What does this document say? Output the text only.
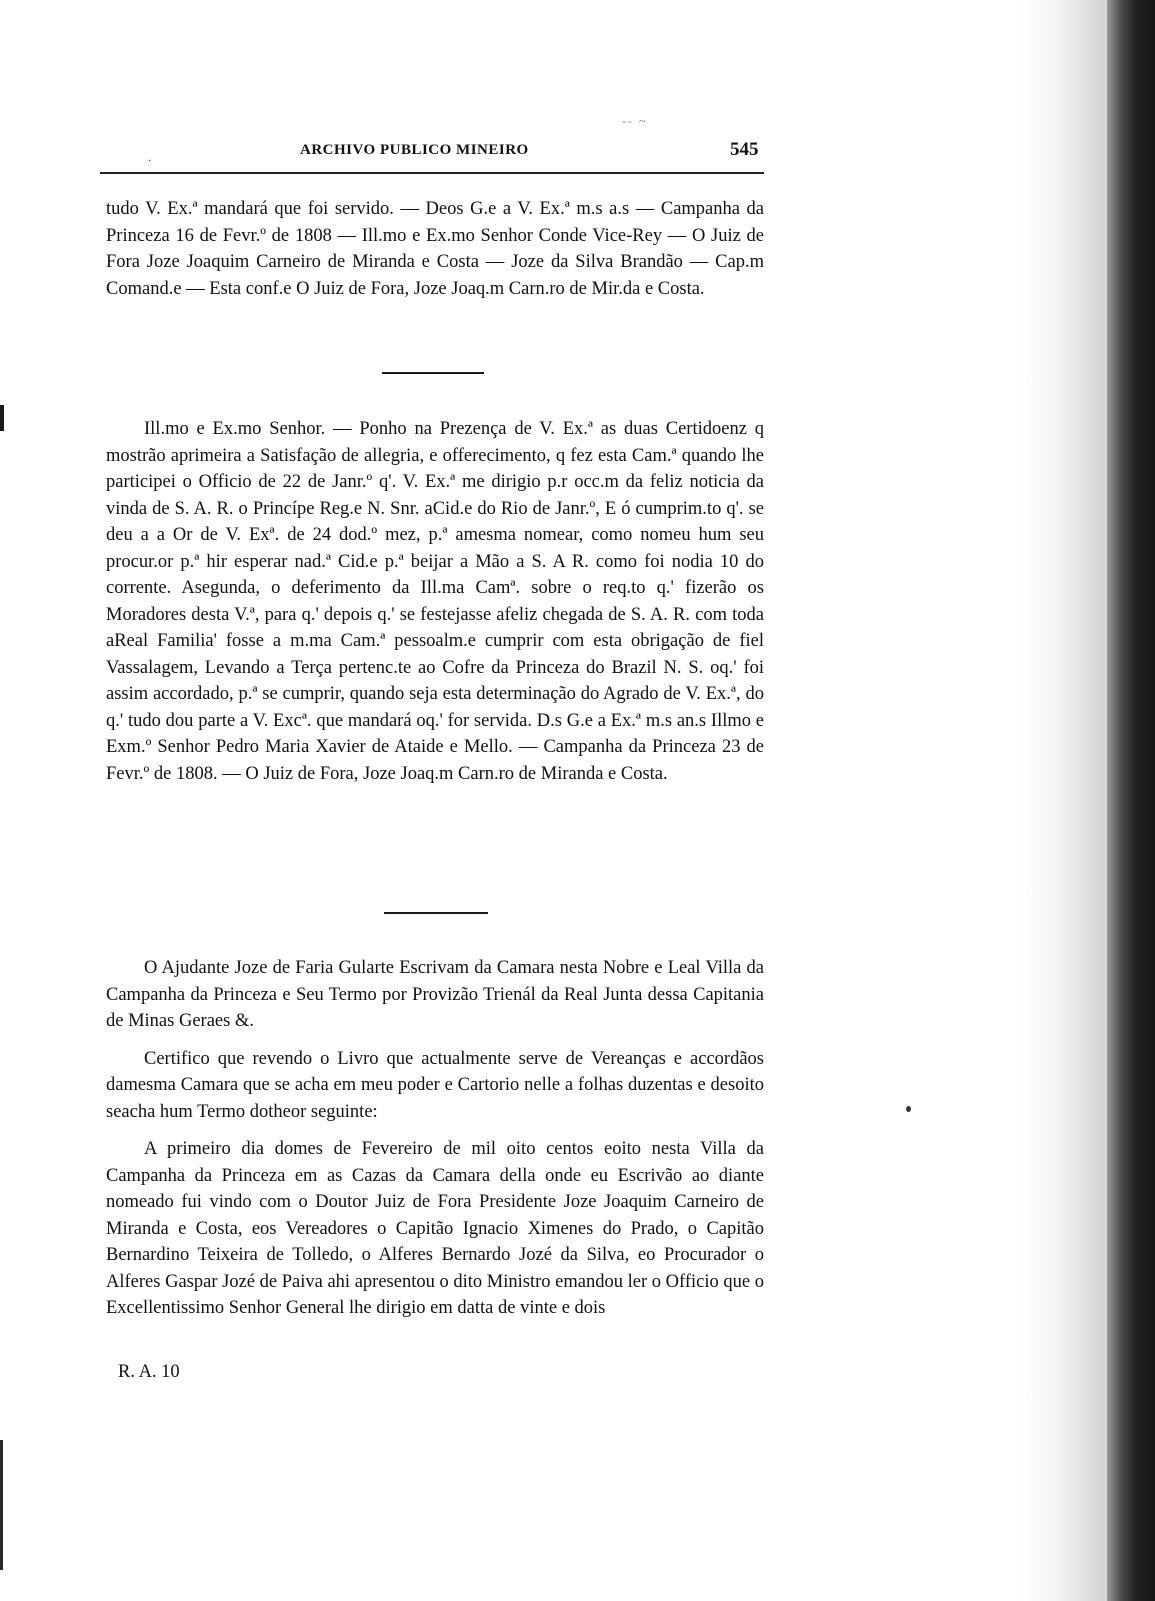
-- ~
.	ARCHIVO PUBLICO MINEIRO	545

tudo V. Ex.ª mandará que foi servido. — Deos G.e a V. Ex.ª m.s a.s — Campanha da Princeza 16 de Fevr.º de 1808 — Ill.mo e Ex.mo Senhor Conde Vice-Rey — O Juiz de Fora Joze Joaquim Carneiro de Miranda e Costa — Joze da Silva Brandão — Cap.m Comand.e — Esta conf.e O Juiz de Fora, Joze Joaq.m Carn.ro de Mir.da e Costa.

Ill.mo e Ex.mo Senhor. — Ponho na Prezença de V. Ex.ª as duas Certidoenz q mostrão aprimeira a Satisfação de allegria, e offerecimento, q fez esta Cam.ª quando lhe participei o Officio de 22 de Janr.º q'. V. Ex.ª me dirigio p.r occ.m da feliz noticia da vinda de S. A. R. o Princípe Reg.e N. Snr. aCid.e do Rio de Janr.º, E ó cumprim.to q'. se deu a a Or de V. Exª. de 24 dod.º mez, p.ª amesma nomear, como nomeu hum seu procur.or p.ª hir esperar nad.ª Cid.e p.ª beijar a Mão a S. A R. como foi nodia 10 do corrente. Asegunda, o deferimento da Ill.ma Camª. sobre o req.to q.' fizerão os Moradores desta V.ª, para q.' depois q.' se festejasse afeliz chegada de S. A. R. com toda aReal Familia' fosse a m.ma Cam.ª pessoalm.e cumprir com esta obrigação de fiel Vassalagem, Levando a Terça pertenc.te ao Cofre da Princeza do Brazil N. S. oq.' foi assim accordado, p.ª se cumprir, quando seja esta determinação do Agrado de V. Ex.ª, do q.' tudo dou parte a V. Excª. que mandará oq.' for servida. D.s G.e a Ex.ª m.s an.s Illmo e Exm.º Senhor Pedro Maria Xavier de Ataide e Mello. — Campanha da Princeza 23 de Fevr.º de 1808. — O Juiz de Fora, Joze Joaq.m Carn.ro de Miranda e Costa.

O Ajudante Joze de Faria Gularte Escrivam da Camara nesta Nobre e Leal Villa da Campanha da Princeza e Seu Termo por Provizão Trienál da Real Junta dessa Capitania de Minas Geraes &.

Certifico que revendo o Livro que actualmente serve de Vereanças e accordãos damesma Camara que se acha em meu poder e Cartorio nelle a folhas duzentas e desoito seacha hum Termo dotheor seguinte:

A primeiro dia domes de Fevereiro de mil oito centos eoito nesta Villa da Campanha da Princeza em as Cazas da Camara della onde eu Escrivão ao diante nomeado fui vindo com o Doutor Juiz de Fora Presidente Joze Joaquim Carneiro de Miranda e Costa, eos Vereadores o Capitão Ignacio Ximenes do Prado, o Capitão Bernardino Teixeira de Tolledo, o Alferes Bernardo Jozé da Silva, eo Procurador o Alferes Gaspar Jozé de Paiva ahi apresentou o dito Ministro emandou ler o Officio que o Excellentissimo Senhor General lhe dirigio em datta de vinte e dois

R. A. 10
